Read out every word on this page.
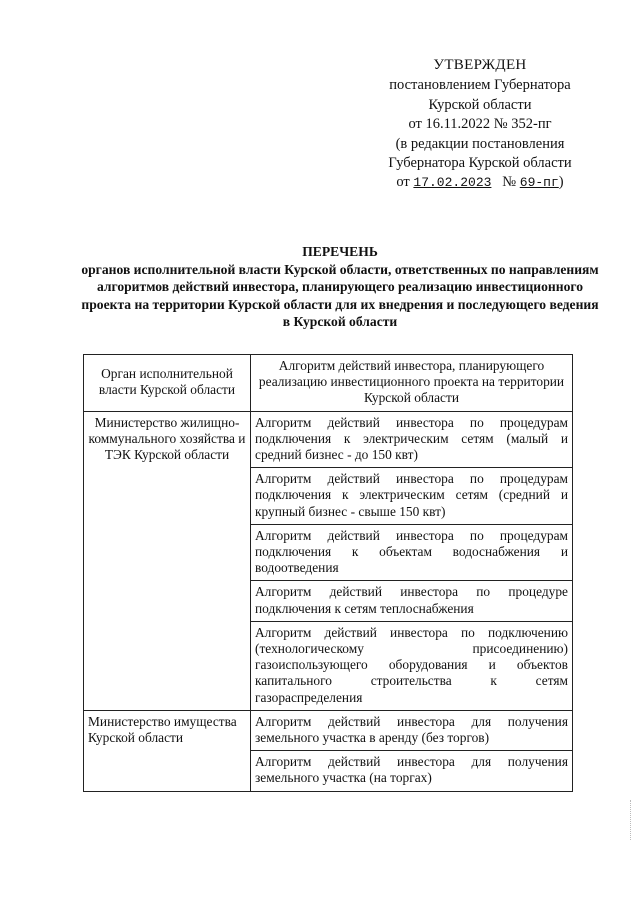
УТВЕРЖДЕН
постановлением Губернатора
Курской области
от 16.11.2022 № 352-пг
(в редакции постановления
Губернатора Курской области
от 17.02.2023 № 69-пг)
ПЕРЕЧЕНЬ
органов исполнительной власти Курской области, ответственных по направлениям алгоритмов действий инвестора, планирующего реализацию инвестиционного проекта на территории Курской области для их внедрения и последующего ведения в Курской области
Орган исполнительной власти Курской области	Алгоритм действий инвестора, планирующего реализацию инвестиционного проекта на территории Курской области
Министерство жилищно-коммунального хозяйства и ТЭК Курской области	Алгоритм действий инвестора по процедурам подключения к электрическим сетям (малый и средний бизнес - до 150 квт)
	Алгоритм действий инвестора по процедурам подключения к электрическим сетям (средний и крупный бизнес - свыше 150 квт)
	Алгоритм действий инвестора по процедурам подключения к объектам водоснабжения и водоотведения
	Алгоритм действий инвестора по процедуре подключения к сетям теплоснабжения
	Алгоритм действий инвестора по подключению (технологическому присоединению) газоиспользующего оборудования и объектов капитального строительства к сетям газораспределения
Министерство имущества Курской области	Алгоритм действий инвестора для получения земельного участка в аренду (без торгов)
	Алгоритм действий инвестора для получения земельного участка (на торгах)
